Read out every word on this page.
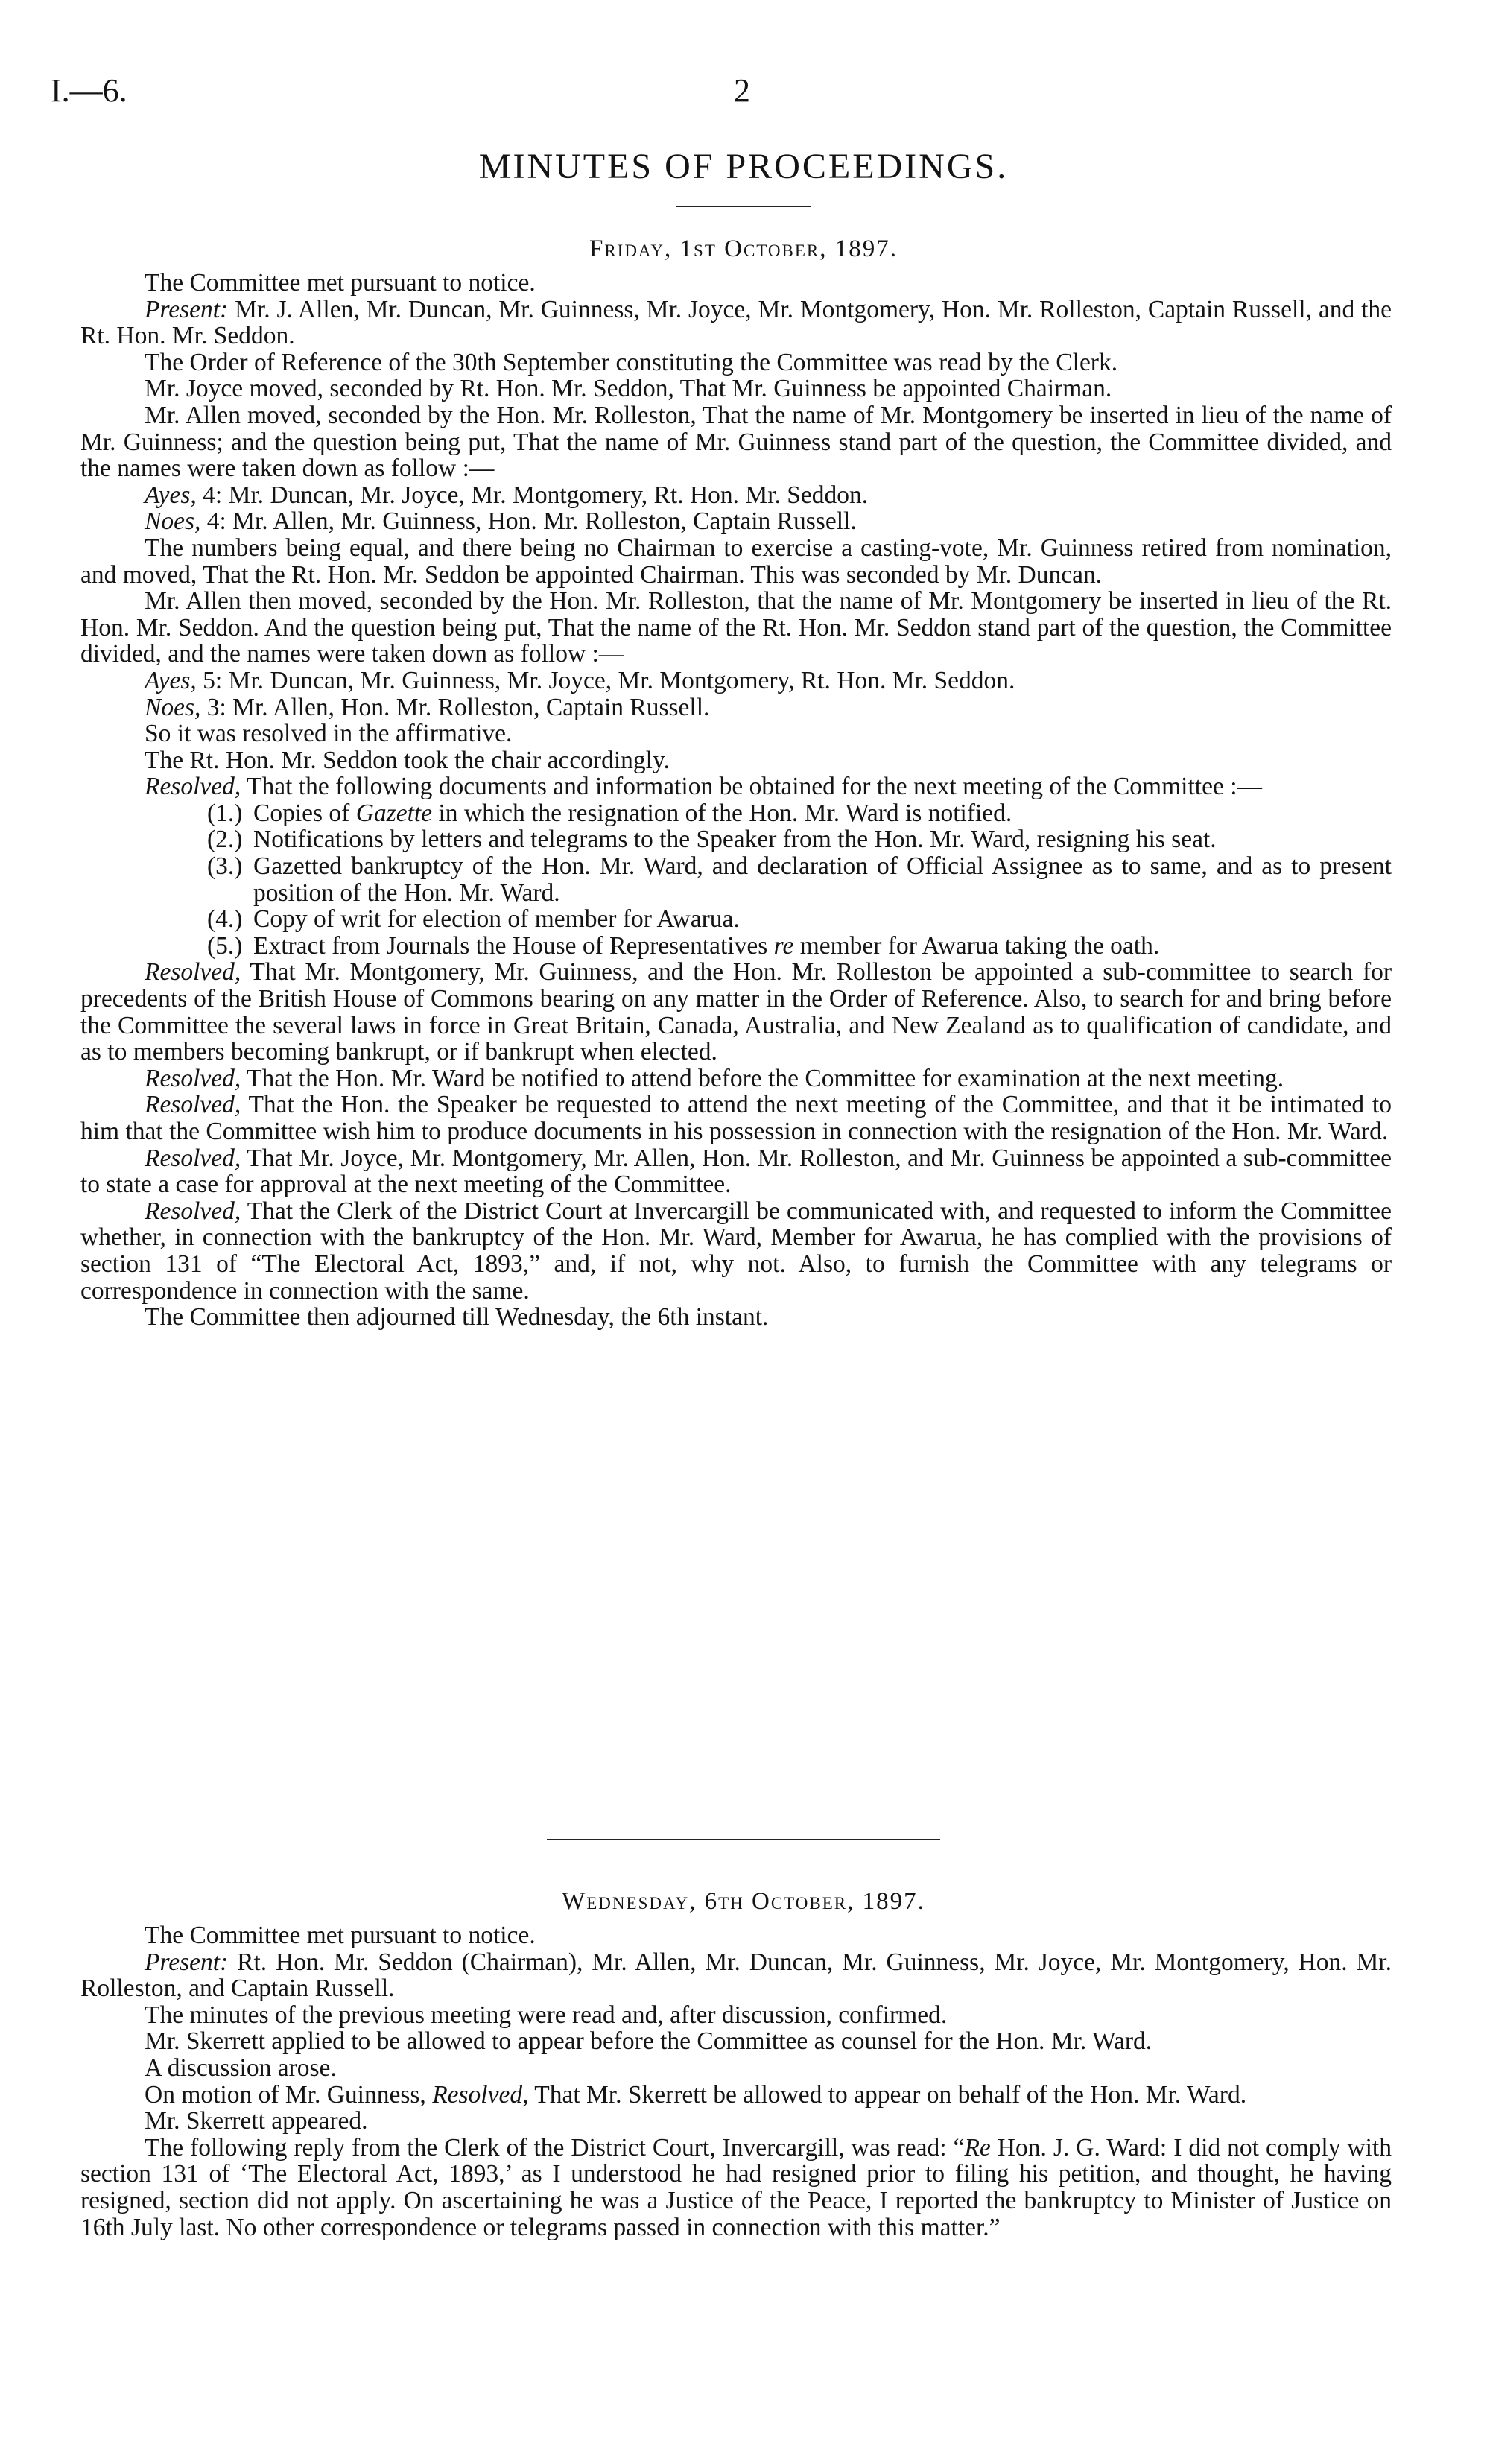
I.—6.	2
MINUTES OF PROCEEDINGS.
Friday, 1st October, 1897.

The Committee met pursuant to notice.

Present: Mr. J. Allen, Mr. Duncan, Mr. Guinness, Mr. Joyce, Mr. Montgomery, Hon. Mr. Rolleston, Captain Russell, and the Rt. Hon. Mr. Seddon.

The Order of Reference of the 30th September constituting the Committee was read by the Clerk.

Mr. Joyce moved, seconded by Rt. Hon. Mr. Seddon, That Mr. Guinness be appointed Chairman.

Mr. Allen moved, seconded by the Hon. Mr. Rolleston, That the name of Mr. Montgomery be inserted in lieu of the name of Mr. Guinness; and the question being put, That the name of Mr. Guinness stand part of the question, the Committee divided, and the names were taken down as follow :—

Ayes, 4: Mr. Duncan, Mr. Joyce, Mr. Montgomery, Rt. Hon. Mr. Seddon.

Noes, 4: Mr. Allen, Mr. Guinness, Hon. Mr. Rolleston, Captain Russell.

The numbers being equal, and there being no Chairman to exercise a casting-vote, Mr. Guinness retired from nomination, and moved, That the Rt. Hon. Mr. Seddon be appointed Chairman. This was seconded by Mr. Duncan.

Mr. Allen then moved, seconded by the Hon. Mr. Rolleston, that the name of Mr. Montgomery be inserted in lieu of the Rt. Hon. Mr. Seddon. And the question being put, That the name of the Rt. Hon. Mr. Seddon stand part of the question, the Committee divided, and the names were taken down as follow :—

Ayes, 5: Mr. Duncan, Mr. Guinness, Mr. Joyce, Mr. Montgomery, Rt. Hon. Mr. Seddon.

Noes, 3: Mr. Allen, Hon. Mr. Rolleston, Captain Russell.

So it was resolved in the affirmative.

The Rt. Hon. Mr. Seddon took the chair accordingly.

Resolved, That the following documents and information be obtained for the next meeting of the Committee :—

(1.) Copies of Gazette in which the resignation of the Hon. Mr. Ward is notified.

(2.) Notifications by letters and telegrams to the Speaker from the Hon. Mr. Ward, resigning his seat.

(3.) Gazetted bankruptcy of the Hon. Mr. Ward, and declaration of Official Assignee as to same, and as to present position of the Hon. Mr. Ward.

(4.) Copy of writ for election of member for Awarua.

(5.) Extract from Journals the House of Representatives re member for Awarua taking the oath.

Resolved, That Mr. Montgomery, Mr. Guinness, and the Hon. Mr. Rolleston be appointed a sub-committee to search for precedents of the British House of Commons bearing on any matter in the Order of Reference. Also, to search for and bring before the Committee the several laws in force in Great Britain, Canada, Australia, and New Zealand as to qualification of candidate, and as to members becoming bankrupt, or if bankrupt when elected.

Resolved, That the Hon. Mr. Ward be notified to attend before the Committee for examination at the next meeting.

Resolved, That the Hon. the Speaker be requested to attend the next meeting of the Committee, and that it be intimated to him that the Committee wish him to produce documents in his possession in connection with the resignation of the Hon. Mr. Ward.

Resolved, That Mr. Joyce, Mr. Montgomery, Mr. Allen, Hon. Mr. Rolleston, and Mr. Guinness be appointed a sub-committee to state a case for approval at the next meeting of the Committee.

Resolved, That the Clerk of the District Court at Invercargill be communicated with, and requested to inform the Committee whether, in connection with the bankruptcy of the Hon. Mr. Ward, Member for Awarua, he has complied with the provisions of section 131 of “The Electoral Act, 1893,” and, if not, why not. Also, to furnish the Committee with any telegrams or correspondence in connection with the same.

The Committee then adjourned till Wednesday, the 6th instant.

Wednesday, 6th October, 1897.

The Committee met pursuant to notice.

Present: Rt. Hon. Mr. Seddon (Chairman), Mr. Allen, Mr. Duncan, Mr. Guinness, Mr. Joyce, Mr. Montgomery, Hon. Mr. Rolleston, and Captain Russell.

The minutes of the previous meeting were read and, after discussion, confirmed.

Mr. Skerrett applied to be allowed to appear before the Committee as counsel for the Hon. Mr. Ward.

A discussion arose.

On motion of Mr. Guinness, Resolved, That Mr. Skerrett be allowed to appear on behalf of the Hon. Mr. Ward.

Mr. Skerrett appeared.

The following reply from the Clerk of the District Court, Invercargill, was read: “Re Hon. J. G. Ward: I did not comply with section 131 of ‘The Electoral Act, 1893,’ as I understood he had resigned prior to filing his petition, and thought, he having resigned, section did not apply. On ascertaining he was a Justice of the Peace, I reported the bankruptcy to Minister of Justice on 16th July last. No other correspondence or telegrams passed in connection with this matter.”
